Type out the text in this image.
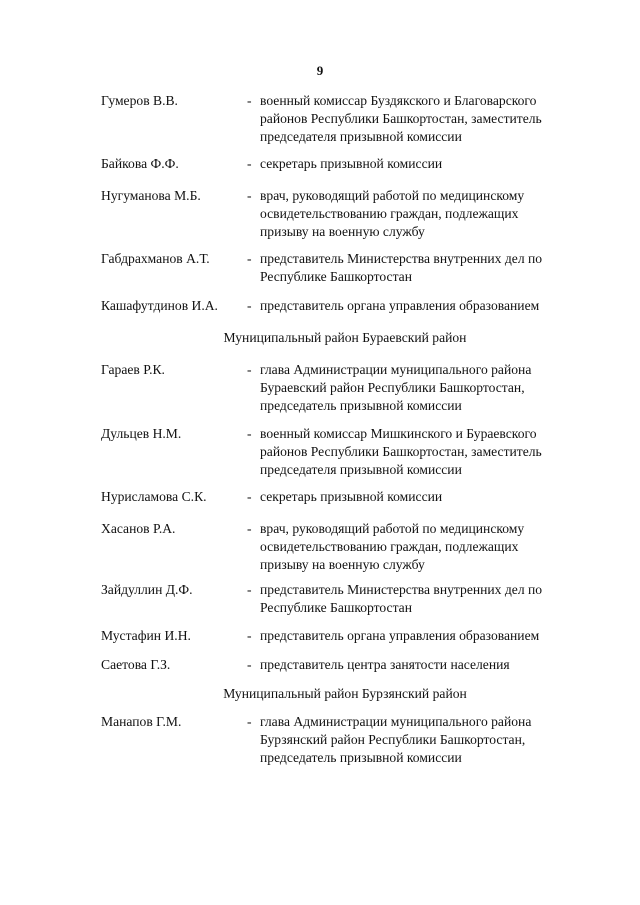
9
Гумеров В.В.	- военный комиссар Буздякского и Благоварского
районов Республики Башкортостан, заместитель
председателя призывной комиссии
Байкова Ф.Ф.	- секретарь призывной комиссии
Нугуманова М.Б.	- врач, руководящий работой по медицинскому
освидетельствованию граждан, подлежащих
призыву на военную службу
Габдрахманов А.Т.	- представитель Министерства внутренних дел по
Республике Башкортостан
Кашафутдинов И.А. - представитель органа управления образованием
Муниципальный район Бураевский район
Гараев Р.К.	- глава Администрации муниципального района
Бураевский район Республики Башкортостан,
председатель призывной комиссии
Дульцев Н.М.	- военный комиссар Мишкинского и Бураевского
районов Республики Башкортостан, заместитель
председателя призывной комиссии
Нурисламова С.К.	- секретарь призывной комиссии
Хасанов Р.А.	- врач, руководящий работой по медицинскому
освидетельствованию граждан, подлежащих
призыву на военную службу
Зайдуллин Д.Ф.	- представитель Министерства внутренних дел по
Республике Башкортостан
Мустафин И.Н.	- представитель органа управления образованием
Саетова Г.З.	- представитель центра занятости населения
Муниципальный район Бурзянский район
Манапов Г.М.	- глава Администрации муниципального района
Бурзянский район Республики Башкортостан,
председатель призывной комиссии
